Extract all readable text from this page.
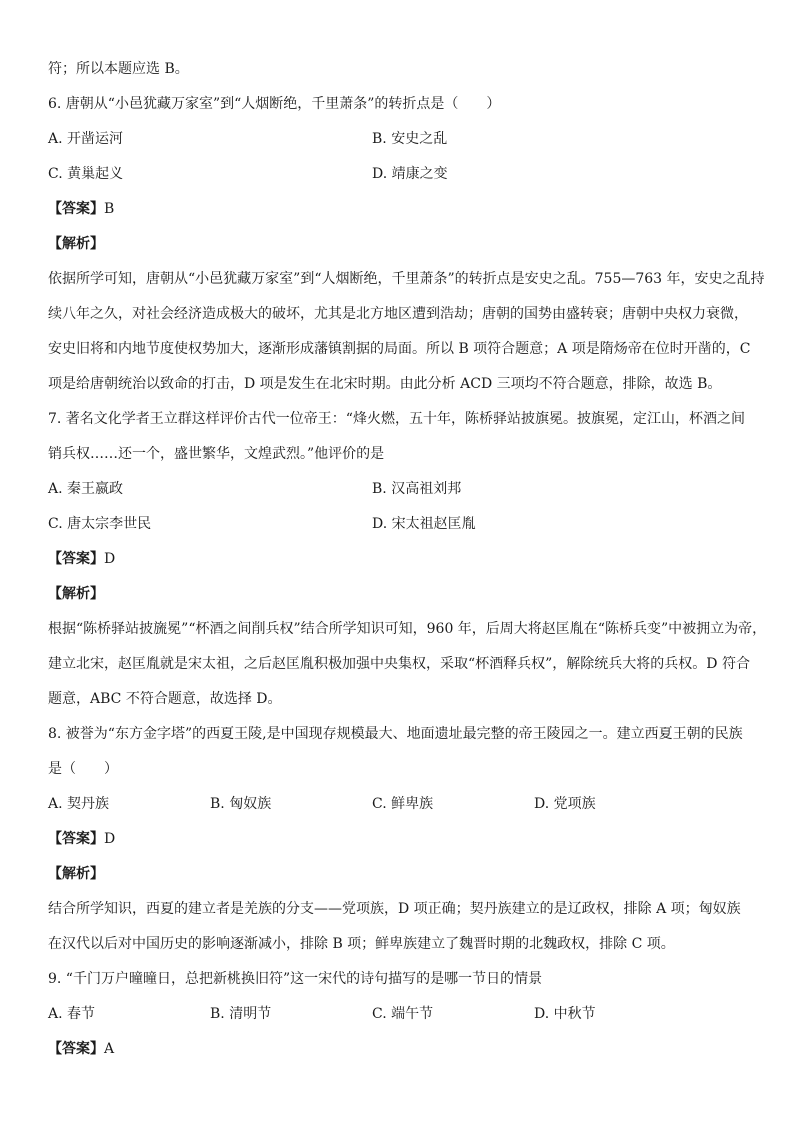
符；所以本题应选 B。
6. 唐朝从“小邑犹藏万家室”到“人烟断绝，千里萧条”的转折点是（　　）
A. 开凿运河	B. 安史之乱
C. 黄巢起义	D. 靖康之变
【答案】B
【解析】
依据所学可知，唐朝从“小邑犹藏万家室”到“人烟断绝，千里萧条”的转折点是安史之乱。755—763 年，安史之乱持
续八年之久，对社会经济造成极大的破坏，尤其是北方地区遭到浩劫；唐朝的国势由盛转衰；唐朝中央权力衰微，
安史旧将和内地节度使权势加大，逐渐形成藩镇割据的局面。所以 B 项符合题意；A 项是隋炀帝在位时开凿的，C
项是给唐朝统治以致命的打击，D 项是发生在北宋时期。由此分析 ACD 三项均不符合题意，排除，故选 B。
7. 著名文化学者王立群这样评价古代一位帝王：“烽火燃，五十年，陈桥驿站披旗冕。披旗冕，定江山，杯酒之间
销兵权……还一个，盛世繁华，文煌武烈。”他评价的是
A. 秦王嬴政	B. 汉高祖刘邦
C. 唐太宗李世民	D. 宋太祖赵匡胤
【答案】D
【解析】
根据“陈桥驿站披旒冕”“杯酒之间削兵权”结合所学知识可知，960 年，后周大将赵匡胤在“陈桥兵变”中被拥立为帝，
建立北宋，赵匡胤就是宋太祖，之后赵匡胤积极加强中央集权，采取“杯酒释兵权”，解除统兵大将的兵权。D 符合
题意，ABC 不符合题意，故选择 D。
8. 被誉为“东方金字塔”的西夏王陵,是中国现存规模最大、地面遗址最完整的帝王陵园之一。建立西夏王朝的民族
是（　　）
A. 契丹族	B. 匈奴族	C. 鲜卑族	D. 党项族
【答案】D
【解析】
结合所学知识，西夏的建立者是羌族的分支——党项族，D 项正确；契丹族建立的是辽政权，排除 A 项；匈奴族
在汉代以后对中国历史的影响逐渐减小，排除 B 项；鲜卑族建立了魏晋时期的北魏政权，排除 C 项。
9. “千门万户曈曈日，总把新桃换旧符”这一宋代的诗句描写的是哪一节日的情景
A. 春节	B. 清明节	C. 端午节	D. 中秋节
【答案】A
